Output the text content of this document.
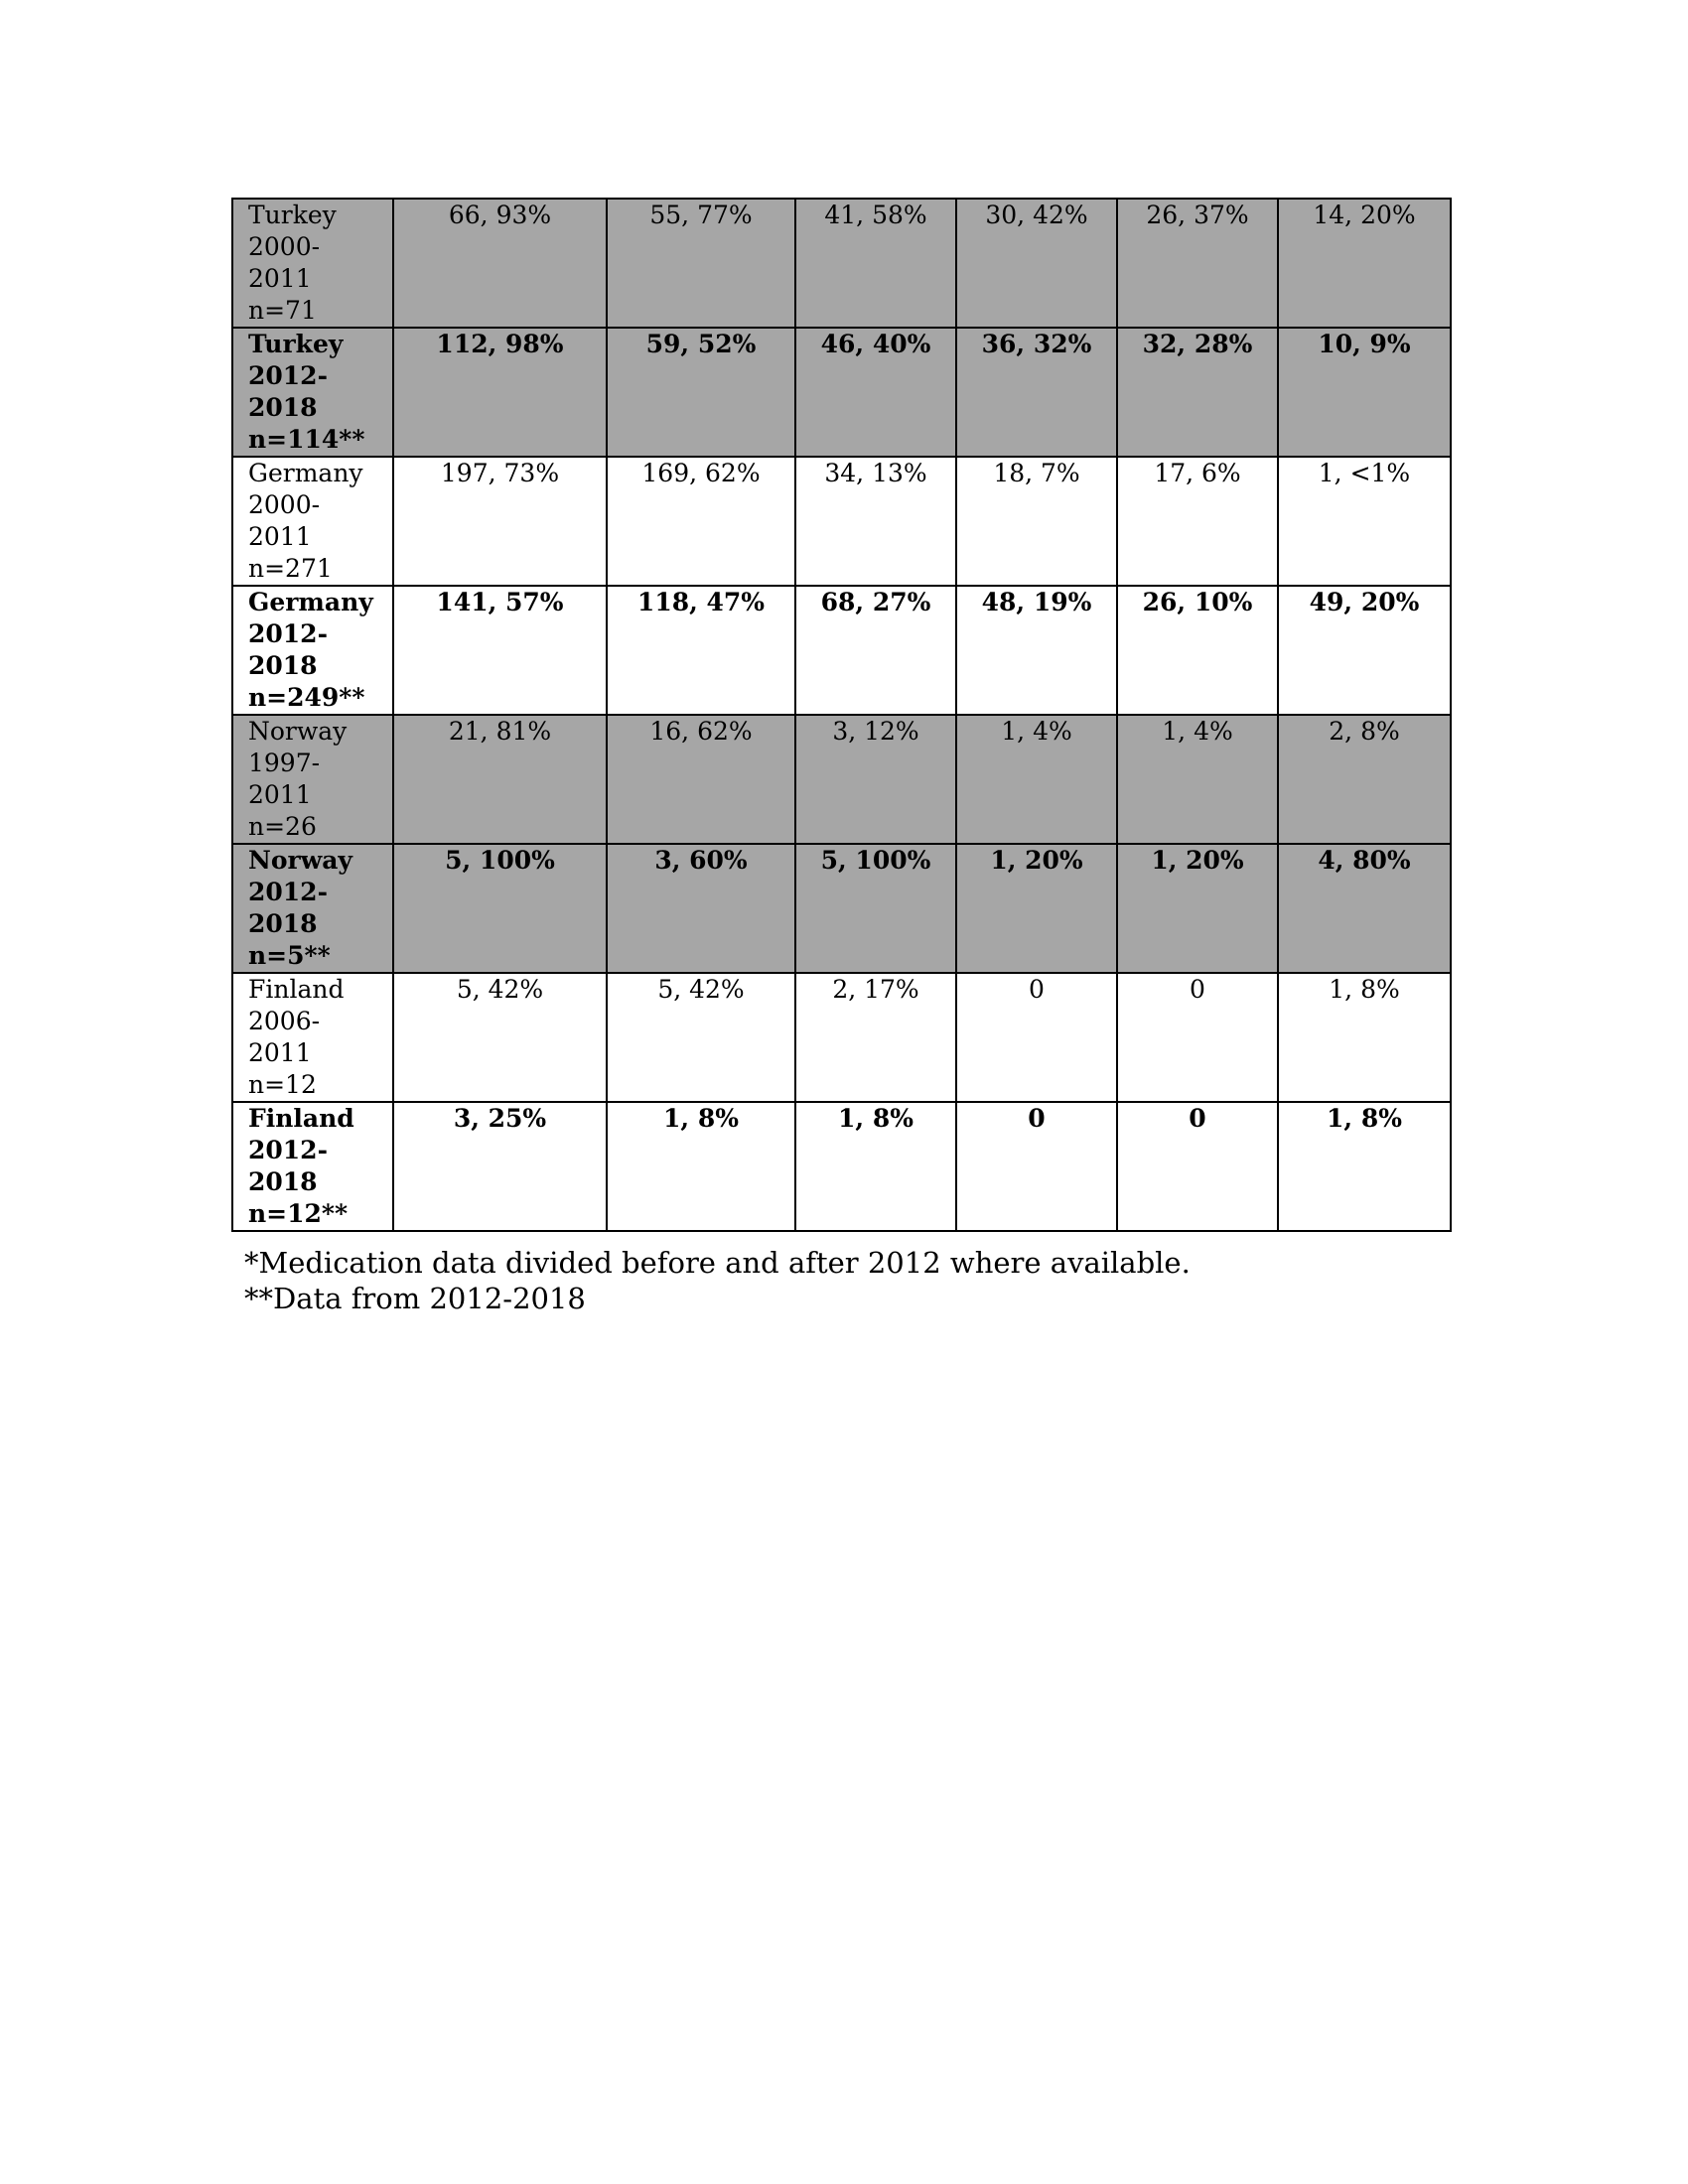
Turkey
2000-
2011
n=71	66, 93%	55, 77%	41, 58%	30, 42%	26, 37%	14, 20%
Turkey
2012-
2018
n=114**	112, 98%	59, 52%	46, 40%	36, 32%	32, 28%	10, 9%
Germany
2000-
2011
n=271	197, 73%	169, 62%	34, 13%	18, 7%	17, 6%	1, <1%
Germany
2012-
2018
n=249**	141, 57%	118, 47%	68, 27%	48, 19%	26, 10%	49, 20%
Norway
1997-
2011
n=26	21, 81%	16, 62%	3, 12%	1, 4%	1, 4%	2, 8%
Norway
2012-
2018
n=5**	5, 100%	3, 60%	5, 100%	1, 20%	1, 20%	4, 80%
Finland
2006-
2011
n=12	5, 42%	5, 42%	2, 17%	0	0	1, 8%
Finland
2012-
2018
n=12**	3, 25%	1, 8%	1, 8%	0	0	1, 8%
*Medication data divided before and after 2012 where available.
**Data from 2012-2018
